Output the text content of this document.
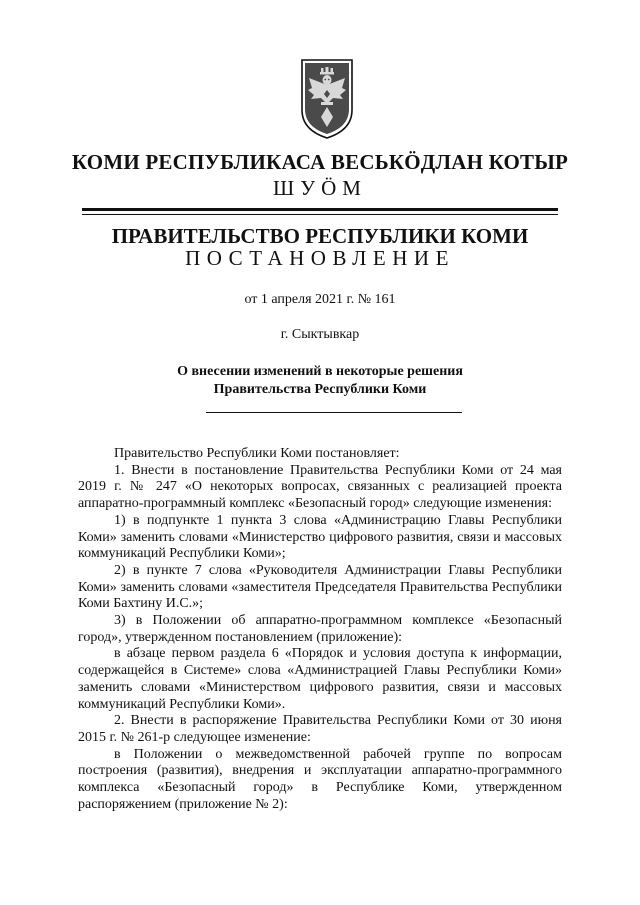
КОМИ РЕСПУБЛИКАСА ВЕСЬКӦДЛАН КОТЫР
ШУÖМ
ПРАВИТЕЛЬСТВО РЕСПУБЛИКИ КОМИ
ПОСТАНОВЛЕНИЕ
от 1 апреля 2021 г. № 161
г. Сыктывкар
О внесении изменений в некоторые решения
Правительства Республики Коми

Правительство Республики Коми постановляет:

1. Внести в постановление Правительства Республики Коми от 24 мая 2019 г. № 247 «О некоторых вопросах, связанных с реализацией проекта аппаратно-программный комплекс «Безопасный город» следующие изменения:

1) в подпункте 1 пункта 3 слова «Администрацию Главы Республики Коми» заменить словами «Министерство цифрового развития, связи и массовых коммуникаций Республики Коми»;

2) в пункте 7 слова «Руководителя Администрации Главы Республики Коми» заменить словами «заместителя Председателя Правительства Республики Коми Бахтину И.С.»;

3) в Положении об аппаратно-программном комплексе «Безопасный город», утвержденном постановлением (приложение):

в абзаце первом раздела 6 «Порядок и условия доступа к информации, содержащейся в Системе» слова «Администрацией Главы Республики Коми» заменить словами «Министерством цифрового развития, связи и массовых коммуникаций Республики Коми».

2. Внести в распоряжение Правительства Республики Коми от 30 июня 2015 г. № 261-р следующее изменение:

в Положении о межведомственной рабочей группе по вопросам построения (развития), внедрения и эксплуатации аппаратно-программного комплекса «Безопасный город» в Республике Коми, утвержденном распоряжением (приложение № 2):
